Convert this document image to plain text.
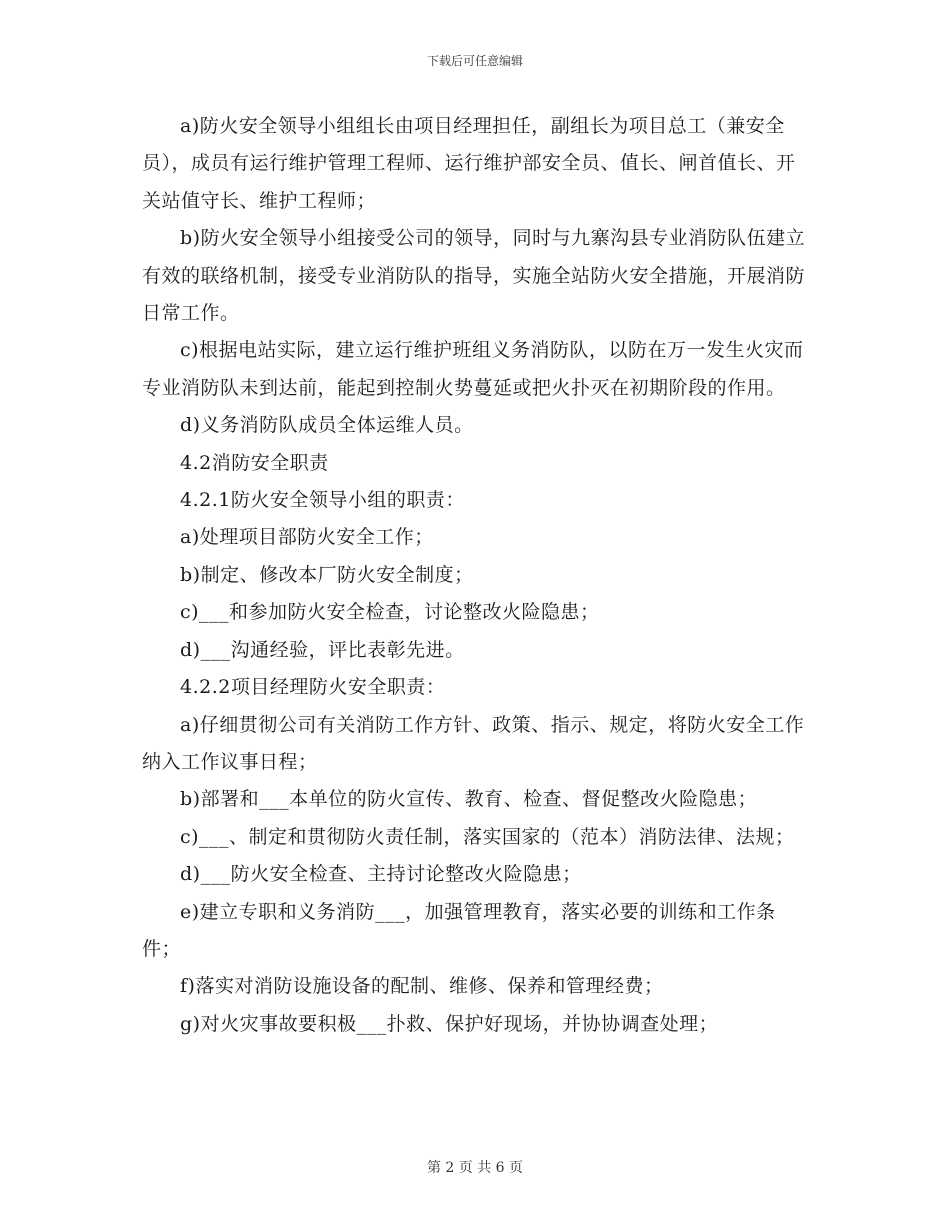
下载后可任意编辑

a)防火安全领导小组组长由项目经理担任，副组长为项目总工（兼安全员），成员有运行维护管理工程师、运行维护部安全员、值长、闸首值长、开关站值守长、维护工程师；

b)防火安全领导小组接受公司的领导，同时与九寨沟县专业消防队伍建立有效的联络机制，接受专业消防队的指导，实施全站防火安全措施，开展消防日常工作。

c)根据电站实际，建立运行维护班组义务消防队，以防在万一发生火灾而专业消防队未到达前，能起到控制火势蔓延或把火扑灭在初期阶段的作用。

d)义务消防队成员全体运维人员。

4.2消防安全职责

4.2.1防火安全领导小组的职责：

a)处理项目部防火安全工作；

b)制定、修改本厂防火安全制度；

c)___和参加防火安全检查，讨论整改火险隐患；

d)___沟通经验，评比表彰先进。

4.2.2项目经理防火安全职责：

a)仔细贯彻公司有关消防工作方针、政策、指示、规定，将防火安全工作纳入工作议事日程；

b)部署和___本单位的防火宣传、教育、检查、督促整改火险隐患；

c)___、制定和贯彻防火责任制，落实国家的（范本）消防法律、法规；

d)___防火安全检查、主持讨论整改火险隐患；

e)建立专职和义务消防___，加强管理教育，落实必要的训练和工作条件；

f)落实对消防设施设备的配制、维修、保养和管理经费；

g)对火灾事故要积极___扑救、保护好现场，并协协调查处理；

第 2 页 共 6 页
